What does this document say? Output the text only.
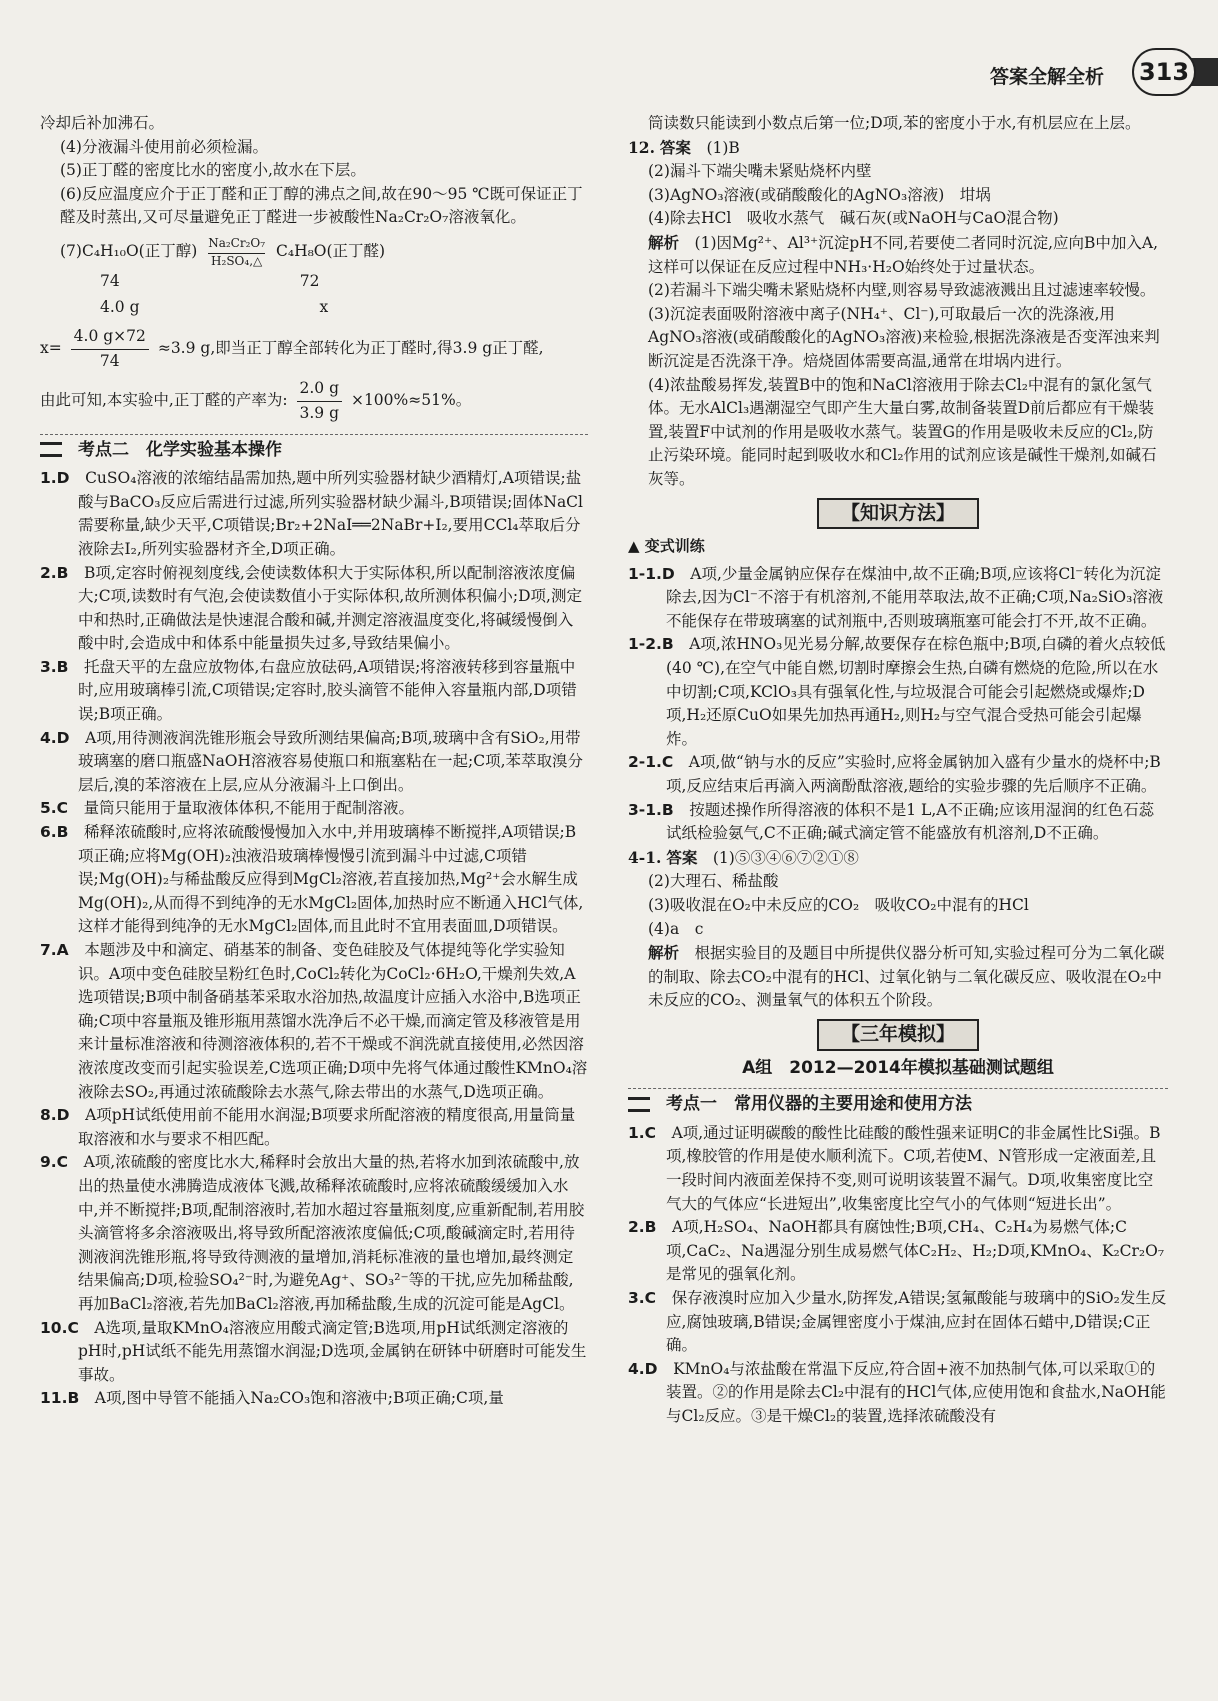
答案全解全析 313

冷却后补加沸石。

(4)分液漏斗使用前必须检漏。

(5)正丁醛的密度比水的密度小,故水在下层。

(6)反应温度应介于正丁醛和正丁醇的沸点之间,故在90～95 ℃既可保证正丁醛及时蒸出,又可尽量避免正丁醛进一步被酸性Na₂Cr₂O₇溶液氧化。

(7)C₄H₁₀O(正丁醇) $\frac{\text{Na₂Cr₂O₇}}{\text{H₂SO₄,△}} C_4H_8O$(正丁醛)
74	72
4.0 g	x

$x= \frac{4.0 g\times 72}{74} \approx 3.9$ g,即当正丁醇全部转化为正丁醛时,得3.9 g正丁醛,

由此可知,本实验中,正丁醛的产率为: $\frac{2.0 g}{3.9 g} \times 100\%\approx 51\%$。

考点二　化学实验基本操作

1.D　 CuSO₄溶液的浓缩结晶需加热,题中所列实验器材缺少酒精灯,A项错误;盐酸与BaCO₃反应后需进行过滤,所列实验器材缺少漏斗,B项错误;固体NaCl需要称量,缺少天平,C项错误;Br₂+2NaI══2NaBr+I₂,要用CCl₄萃取后分液除去I₂,所列实验器材齐全,D项正确。

2.B　 B项,定容时俯视刻度线,会使读数体积大于实际体积,所以配制溶液浓度偏大;C项,读数时有气泡,会使读数值小于实际体积,故所测体积偏小;D项,测定中和热时,正确做法是快速混合酸和碱,并测定溶液温度变化,将碱缓慢倒入酸中时,会造成中和体系中能量损失过多,导致结果偏小。

3.B　 托盘天平的左盘应放物体,右盘应放砝码,A项错误;将溶液转移到容量瓶中时,应用玻璃棒引流,C项错误;定容时,胶头滴管不能伸入容量瓶内部,D项错误;B项正确。

4.D　 A项,用待测液润洗锥形瓶会导致所测结果偏高;B项,玻璃中含有SiO₂,用带玻璃塞的磨口瓶盛NaOH溶液容易使瓶口和瓶塞粘在一起;C项,苯萃取溴分层后,溴的苯溶液在上层,应从分液漏斗上口倒出。

5.C　 量筒只能用于量取液体体积,不能用于配制溶液。

6.B　 稀释浓硫酸时,应将浓硫酸慢慢加入水中,并用玻璃棒不断搅拌,A项错误;B项正确;应将Mg(OH)₂浊液沿玻璃棒慢慢引流到漏斗中过滤,C项错误;Mg(OH)₂与稀盐酸反应得到MgCl₂溶液,若直接加热,Mg²⁺会水解生成Mg(OH)₂,从而得不到纯净的无水MgCl₂固体,加热时应不断通入HCl气体,这样才能得到纯净的无水MgCl₂固体,而且此时不宜用表面皿,D项错误。

7.A　 本题涉及中和滴定、硝基苯的制备、变色硅胶及气体提纯等化学实验知识。A项中变色硅胶呈粉红色时,CoCl₂转化为CoCl₂·6H₂O,干燥剂失效,A选项错误;B项中制备硝基苯采取水浴加热,故温度计应插入水浴中,B选项正确;C项中容量瓶及锥形瓶用蒸馏水洗净后不必干燥,而滴定管及移液管是用来计量标准溶液和待测溶液体积的,若不干燥或不润洗就直接使用,必然因溶液浓度改变而引起实验误差,C选项正确;D项中先将气体通过酸性KMnO₄溶液除去SO₂,再通过浓硫酸除去水蒸气,除去带出的水蒸气,D选项正确。

8.D　 A项pH试纸使用前不能用水润湿;B项要求所配溶液的精度很高,用量筒量取溶液和水与要求不相匹配。

9.C　 A项,浓硫酸的密度比水大,稀释时会放出大量的热,若将水加到浓硫酸中,放出的热量使水沸腾造成液体飞溅,故稀释浓硫酸时,应将浓硫酸缓缓加入水中,并不断搅拌;B项,配制溶液时,若加水超过容量瓶刻度,应重新配制,若用胶头滴管将多余溶液吸出,将导致所配溶液浓度偏低;C项,酸碱滴定时,若用待测液润洗锥形瓶,将导致待测液的量增加,消耗标准液的量也增加,最终测定结果偏高;D项,检验SO₄²⁻时,为避免Ag⁺、SO₃²⁻等的干扰,应先加稀盐酸,再加BaCl₂溶液,若先加BaCl₂溶液,再加稀盐酸,生成的沉淀可能是AgCl。

10.C　 A选项,量取KMnO₄溶液应用酸式滴定管;B选项,用pH试纸测定溶液的pH时,pH试纸不能先用蒸馏水润湿;D选项,金属钠在研钵中研磨时可能发生事故。

11.B　 A项,图中导管不能插入Na₂CO₃饱和溶液中;B项正确;C项,量

筒读数只能读到小数点后第一位;D项,苯的密度小于水,有机层应在上层。

12. 答案　 (1)B

(2)漏斗下端尖嘴未紧贴烧杯内壁

(3)AgNO₃溶液(或硝酸酸化的AgNO₃溶液)　坩埚

(4)除去HCl　吸收水蒸气　碱石灰(或NaOH与CaO混合物)

解析　 (1)因Mg²⁺、Al³⁺沉淀pH不同,若要使二者同时沉淀,应向B中加入A,这样可以保证在反应过程中NH₃·H₂O始终处于过量状态。

(2)若漏斗下端尖嘴未紧贴烧杯内壁,则容易导致滤液溅出且过滤速率较慢。

(3)沉淀表面吸附溶液中离子(NH₄⁺、Cl⁻),可取最后一次的洗涤液,用AgNO₃溶液(或硝酸酸化的AgNO₃溶液)来检验,根据洗涤液是否变浑浊来判断沉淀是否洗涤干净。焙烧固体需要高温,通常在坩埚内进行。

(4)浓盐酸易挥发,装置B中的饱和NaCl溶液用于除去Cl₂中混有的氯化氢气体。无水AlCl₃遇潮湿空气即产生大量白雾,故制备装置D前后都应有干燥装置,装置F中试剂的作用是吸收水蒸气。装置G的作用是吸收未反应的Cl₂,防止污染环境。能同时起到吸收水和Cl₂作用的试剂应该是碱性干燥剂,如碱石灰等。

【知识方法】
▲ 变式训练

1-1.D　 A项,少量金属钠应保存在煤油中,故不正确;B项,应该将Cl⁻转化为沉淀除去,因为Cl⁻不溶于有机溶剂,不能用萃取法,故不正确;C项,Na₂SiO₃溶液不能保存在带玻璃塞的试剂瓶中,否则玻璃瓶塞可能会打不开,故不正确。

1-2.B　 A项,浓HNO₃见光易分解,故要保存在棕色瓶中;B项,白磷的着火点较低(40 ℃),在空气中能自燃,切割时摩擦会生热,白磷有燃烧的危险,所以在水中切割;C项,KClO₃具有强氧化性,与垃圾混合可能会引起燃烧或爆炸;D项,H₂还原CuO如果先加热再通H₂,则H₂与空气混合受热可能会引起爆炸。

2-1.C　 A项,做“钠与水的反应”实验时,应将金属钠加入盛有少量水的烧杯中;B项,反应结束后再滴入两滴酚酞溶液,题给的实验步骤的先后顺序不正确。

3-1.B　 按题述操作所得溶液的体积不是1 L,A不正确;应该用湿润的红色石蕊试纸检验氨气,C不正确;碱式滴定管不能盛放有机溶剂,D不正确。

4-1. 答案　 (1)⑤③④⑥⑦②①⑧

(2)大理石、稀盐酸

(3)吸收混在O₂中未反应的CO₂　吸收CO₂中混有的HCl

(4)a　c

解析　 根据实验目的及题目中所提供仪器分析可知,实验过程可分为二氧化碳的制取、除去CO₂中混有的HCl、过氧化钠与二氧化碳反应、吸收混在O₂中未反应的CO₂、测量氧气的体积五个阶段。

【三年模拟】
A组　2012—2014年模拟基础测试题组
考点一　常用仪器的主要用途和使用方法

1.C　 A项,通过证明碳酸的酸性比硅酸的酸性强来证明C的非金属性比Si强。B项,橡胶管的作用是使水顺利流下。C项,若使M、N管形成一定液面差,且一段时间内液面差保持不变,则可说明该装置不漏气。D项,收集密度比空气大的气体应“长进短出”,收集密度比空气小的气体则“短进长出”。

2.B　 A项,H₂SO₄、NaOH都具有腐蚀性;B项,CH₄、C₂H₄为易燃气体;C项,CaC₂、Na遇湿分别生成易燃气体C₂H₂、H₂;D项,KMnO₄、K₂Cr₂O₇是常见的强氧化剂。

3.C　 保存液溴时应加入少量水,防挥发,A错误;氢氟酸能与玻璃中的SiO₂发生反应,腐蚀玻璃,B错误;金属锂密度小于煤油,应封在固体石蜡中,D错误;C正确。

4.D　 KMnO₄与浓盐酸在常温下反应,符合固+液不加热制气体,可以采取①的装置。②的作用是除去Cl₂中混有的HCl气体,应使用饱和食盐水,NaOH能与Cl₂反应。③是干燥Cl₂的装置,选择浓硫酸没有
